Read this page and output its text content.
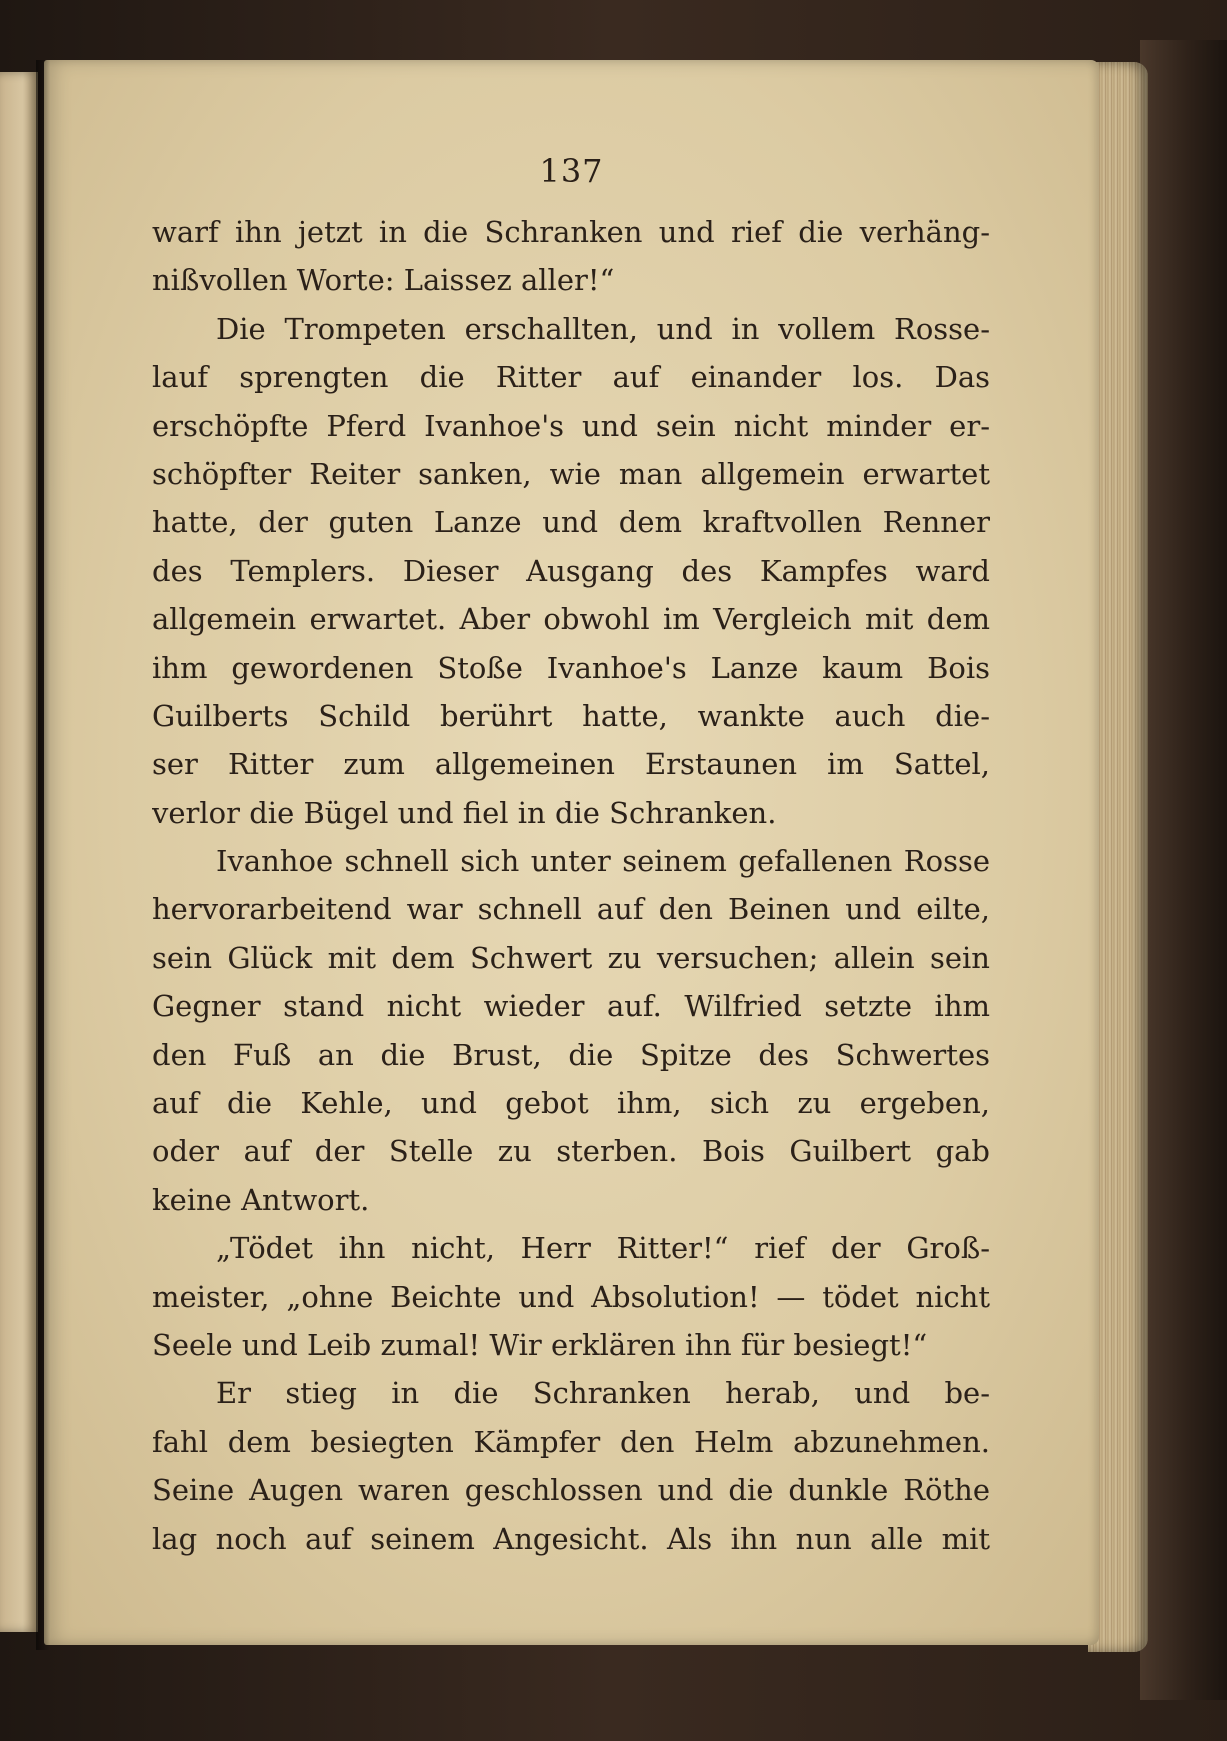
137
warf ihn jetzt in die Schranken und rief die verhäng-
nißvollen Worte: Laissez aller!“
Die Trompeten erschallten, und in vollem Rosse-
lauf sprengten die Ritter auf einander los. Das
erschöpfte Pferd Ivanhoe's und sein nicht minder er-
schöpfter Reiter sanken, wie man allgemein erwartet
hatte, der guten Lanze und dem kraftvollen Renner
des Templers. Dieser Ausgang des Kampfes ward
allgemein erwartet. Aber obwohl im Vergleich mit dem
ihm gewordenen Stoße Ivanhoe's Lanze kaum Bois
Guilberts Schild berührt hatte, wankte auch die-
ser Ritter zum allgemeinen Erstaunen im Sattel,
verlor die Bügel und fiel in die Schranken.
Ivanhoe schnell sich unter seinem gefallenen Rosse
hervorarbeitend war schnell auf den Beinen und eilte,
sein Glück mit dem Schwert zu versuchen; allein sein
Gegner stand nicht wieder auf. Wilfried setzte ihm
den Fuß an die Brust, die Spitze des Schwertes
auf die Kehle, und gebot ihm, sich zu ergeben,
oder auf der Stelle zu sterben. Bois Guilbert gab
keine Antwort.
„Tödet ihn nicht, Herr Ritter!“ rief der Groß-
meister, „ohne Beichte und Absolution! — tödet nicht
Seele und Leib zumal! Wir erklären ihn für besiegt!“
Er stieg in die Schranken herab, und be-
fahl dem besiegten Kämpfer den Helm abzunehmen.
Seine Augen waren geschlossen und die dunkle Röthe
lag noch auf seinem Angesicht. Als ihn nun alle mit
